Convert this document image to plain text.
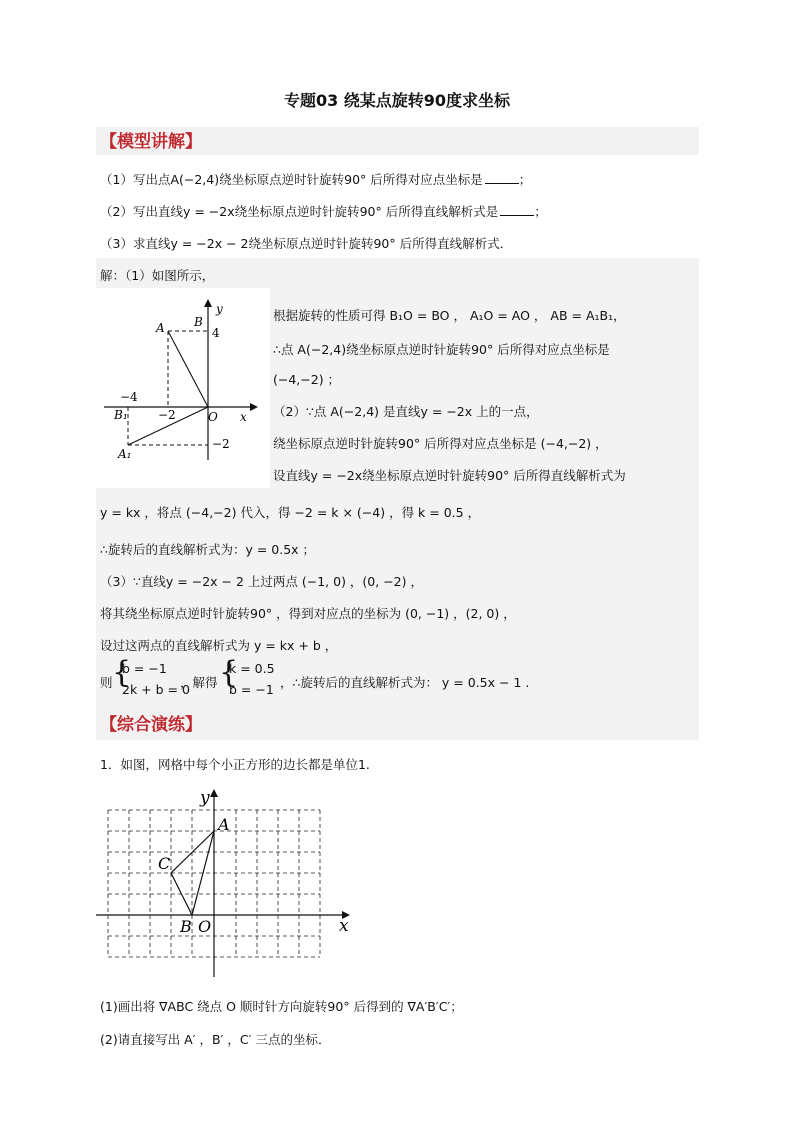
专题03 绕某点旋转90度求坐标
【模型讲解】
（1）写出点A(−2,4)绕坐标原点逆时针旋转90° 后所得对应点坐标是	；
（2）写出直线y = −2x绕坐标原点逆时针旋转90° 后所得直线解析式是	；
（3）求直线y = −2x − 2绕坐标原点逆时针旋转90° 后所得直线解析式．
解：（1）如图所示，
y
x
O
A B
B₁
A₁
4
−4
−2
−2
根据旋转的性质可得 B₁O = BO ， A₁O = AO ， AB = A₁B₁，
∴点 A(−2,4)绕坐标原点逆时针旋转90° 后所得对应点坐标是
(−4,−2) ；
（2）∵点 A(−2,4) 是直线y = −2x 上的一点，
绕坐标原点逆时针旋转90° 后所得对应点坐标是 (−4,−2) ，
设直线y = −2x绕坐标原点逆时针旋转90° 后所得直线解析式为
y = kx ，将点 (−4,−2) 代入，得 −2 = k × (−4) ，得 k = 0.5 ，
∴旋转后的直线解析式为：y = 0.5x ；
（3）∵直线y = −2x − 2 上过两点 (−1, 0) ，(0, −2) ，
将其绕坐标原点逆时针旋转90° ，得到对应点的坐标为 (0, −1) ，(2, 0) ，
设过这两点的直线解析式为 y = kx + b ，
则 {
b = −1
2k + b = 0
，解得 {
k = 0.5
b = −1 ，∴旋转后的直线解析式为： y = 0.5x − 1 .
【综合演练】
1．如图，网格中每个小正方形的边长都是单位1.
y
x
A
C
B O
(1)画出将 ∇ABC 绕点 O 顺时针方向旋转90° 后得到的 ∇A′B′C′；
(2)请直接写出 A′ ，B′ ，C′ 三点的坐标．
